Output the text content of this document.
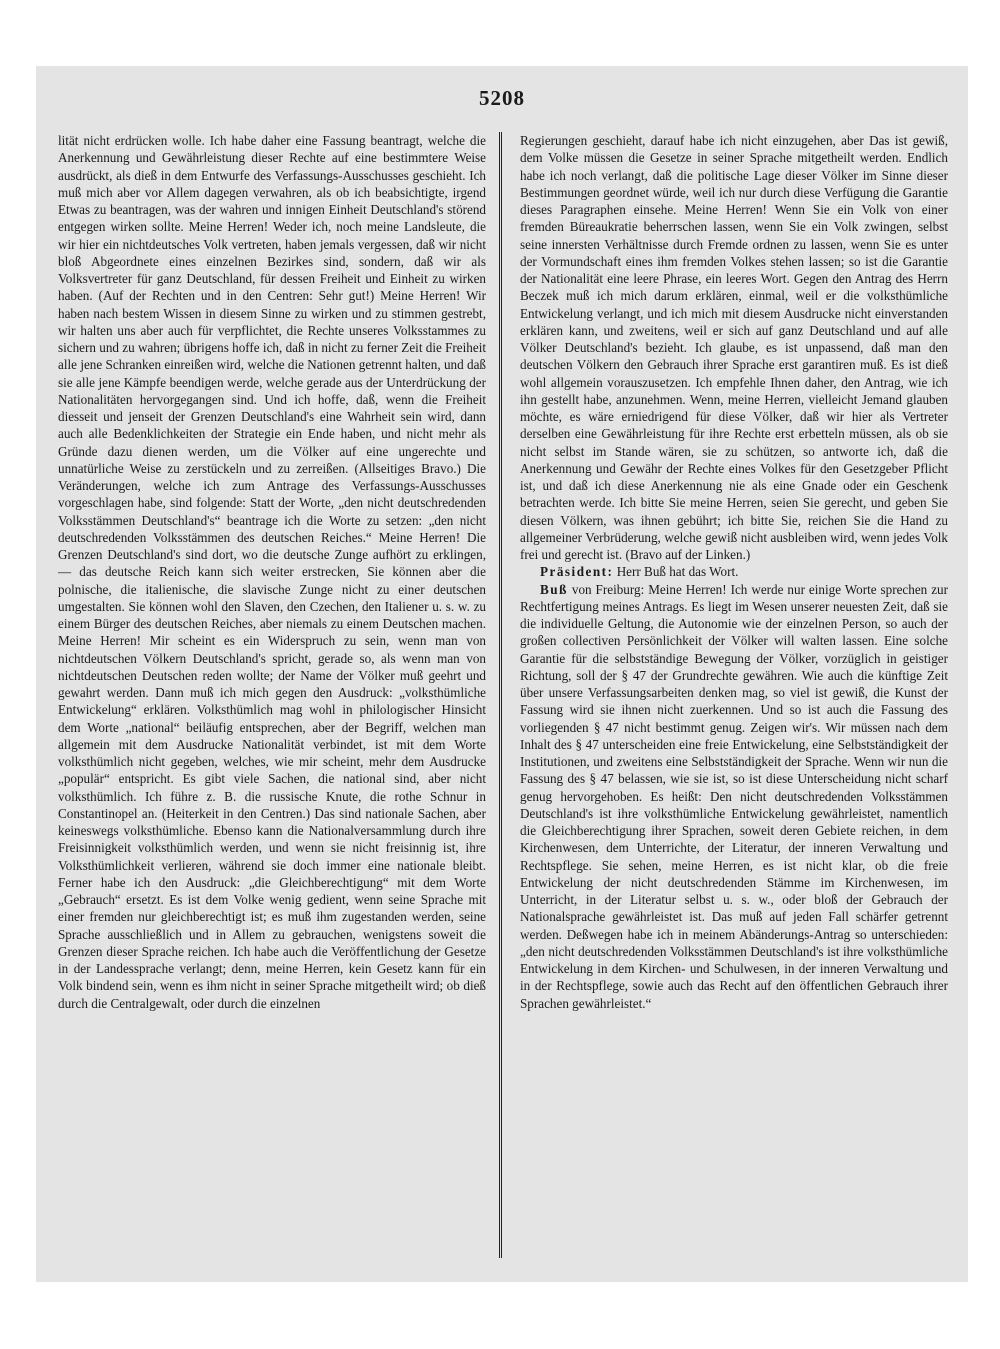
5208

lität nicht erdrücken wolle. Ich habe daher eine Fassung beantragt, welche die Anerkennung und Gewährleistung dieser Rechte auf eine bestimmtere Weise ausdrückt, als dieß in dem Entwurfe des Verfassungs-Ausschusses geschieht. Ich muß mich aber vor Allem dagegen verwahren, als ob ich beabsichtigte, irgend Etwas zu beantragen, was der wahren und innigen Einheit Deutschland's störend entgegen wirken sollte. Meine Herren! Weder ich, noch meine Landsleute, die wir hier ein nichtdeutsches Volk vertreten, haben jemals vergessen, daß wir nicht bloß Abgeordnete eines einzelnen Bezirkes sind, sondern, daß wir als Volksvertreter für ganz Deutschland, für dessen Freiheit und Einheit zu wirken haben. (Auf der Rechten und in den Centren: Sehr gut!) Meine Herren! Wir haben nach bestem Wissen in diesem Sinne zu wirken und zu stimmen gestrebt, wir halten uns aber auch für verpflichtet, die Rechte unseres Volksstammes zu sichern und zu wahren; übrigens hoffe ich, daß in nicht zu ferner Zeit die Freiheit alle jene Schranken einreißen wird, welche die Nationen getrennt halten, und daß sie alle jene Kämpfe beendigen werde, welche gerade aus der Unterdrückung der Nationalitäten hervorgegangen sind. Und ich hoffe, daß, wenn die Freiheit diesseit und jenseit der Grenzen Deutschland's eine Wahrheit sein wird, dann auch alle Bedenklichkeiten der Strategie ein Ende haben, und nicht mehr als Gründe dazu dienen werden, um die Völker auf eine ungerechte und unnatürliche Weise zu zerstückeln und zu zerreißen. (Allseitiges Bravo.) Die Veränderungen, welche ich zum Antrage des Verfassungs-Ausschusses vorgeschlagen habe, sind folgende: Statt der Worte, „den nicht deutschredenden Volksstämmen Deutschland's“ beantrage ich die Worte zu setzen: „den nicht deutschredenden Volksstämmen des deutschen Reiches.“ Meine Herren! Die Grenzen Deutschland's sind dort, wo die deutsche Zunge aufhört zu erklingen, — das deutsche Reich kann sich weiter erstrecken, Sie können aber die polnische, die italienische, die slavische Zunge nicht zu einer deutschen umgestalten. Sie können wohl den Slaven, den Czechen, den Italiener u. s. w. zu einem Bürger des deutschen Reiches, aber niemals zu einem Deutschen machen. Meine Herren! Mir scheint es ein Widerspruch zu sein, wenn man von nichtdeutschen Völkern Deutschland's spricht, gerade so, als wenn man von nichtdeutschen Deutschen reden wollte; der Name der Völker muß geehrt und gewahrt werden. Dann muß ich mich gegen den Ausdruck: „volksthümliche Entwickelung“ erklären. Volksthümlich mag wohl in philologischer Hinsicht dem Worte „national“ beiläufig entsprechen, aber der Begriff, welchen man allgemein mit dem Ausdrucke Nationalität verbindet, ist mit dem Worte volksthümlich nicht gegeben, welches, wie mir scheint, mehr dem Ausdrucke „populär“ entspricht. Es gibt viele Sachen, die national sind, aber nicht volksthümlich. Ich führe z. B. die russische Knute, die rothe Schnur in Constantinopel an. (Heiterkeit in den Centren.) Das sind nationale Sachen, aber keineswegs volksthümliche. Ebenso kann die Nationalversammlung durch ihre Freisinnigkeit volksthümlich werden, und wenn sie nicht freisinnig ist, ihre Volksthümlichkeit verlieren, während sie doch immer eine nationale bleibt. Ferner habe ich den Ausdruck: „die Gleichberechtigung“ mit dem Worte „Gebrauch“ ersetzt. Es ist dem Volke wenig gedient, wenn seine Sprache mit einer fremden nur gleichberechtigt ist; es muß ihm zugestanden werden, seine Sprache ausschließlich und in Allem zu gebrauchen, wenigstens soweit die Grenzen dieser Sprache reichen. Ich habe auch die Veröffentlichung der Gesetze in der Landessprache verlangt; denn, meine Herren, kein Gesetz kann für ein Volk bindend sein, wenn es ihm nicht in seiner Sprache mitgetheilt wird; ob dieß durch die Centralgewalt, oder durch die einzelnen

Regierungen geschieht, darauf habe ich nicht einzugehen, aber Das ist gewiß, dem Volke müssen die Gesetze in seiner Sprache mitgetheilt werden. Endlich habe ich noch verlangt, daß die politische Lage dieser Völker im Sinne dieser Bestimmungen geordnet würde, weil ich nur durch diese Verfügung die Garantie dieses Paragraphen einsehe. Meine Herren! Wenn Sie ein Volk von einer fremden Büreaukratie beherrschen lassen, wenn Sie ein Volk zwingen, selbst seine innersten Verhältnisse durch Fremde ordnen zu lassen, wenn Sie es unter der Vormundschaft eines ihm fremden Volkes stehen lassen; so ist die Garantie der Nationalität eine leere Phrase, ein leeres Wort. Gegen den Antrag des Herrn Beczek muß ich mich darum erklären, einmal, weil er die volksthümliche Entwickelung verlangt, und ich mich mit diesem Ausdrucke nicht einverstanden erklären kann, und zweitens, weil er sich auf ganz Deutschland und auf alle Völker Deutschland's bezieht. Ich glaube, es ist unpassend, daß man den deutschen Völkern den Gebrauch ihrer Sprache erst garantiren muß. Es ist dieß wohl allgemein vorauszusetzen. Ich empfehle Ihnen daher, den Antrag, wie ich ihn gestellt habe, anzunehmen. Wenn, meine Herren, vielleicht Jemand glauben möchte, es wäre erniedrigend für diese Völker, daß wir hier als Vertreter derselben eine Gewährleistung für ihre Rechte erst erbetteln müssen, als ob sie nicht selbst im Stande wären, sie zu schützen, so antworte ich, daß die Anerkennung und Gewähr der Rechte eines Volkes für den Gesetzgeber Pflicht ist, und daß ich diese Anerkennung nie als eine Gnade oder ein Geschenk betrachten werde. Ich bitte Sie meine Herren, seien Sie gerecht, und geben Sie diesen Völkern, was ihnen gebührt; ich bitte Sie, reichen Sie die Hand zu allgemeiner Verbrüderung, welche gewiß nicht ausbleiben wird, wenn jedes Volk frei und gerecht ist. (Bravo auf der Linken.)

Präsident: Herr Buß hat das Wort.

Buß von Freiburg: Meine Herren! Ich werde nur einige Worte sprechen zur Rechtfertigung meines Antrags. Es liegt im Wesen unserer neuesten Zeit, daß sie die individuelle Geltung, die Autonomie wie der einzelnen Person, so auch der großen collectiven Persönlichkeit der Völker will walten lassen. Eine solche Garantie für die selbstständige Bewegung der Völker, vorzüglich in geistiger Richtung, soll der § 47 der Grundrechte gewähren. Wie auch die künftige Zeit über unsere Verfassungsarbeiten denken mag, so viel ist gewiß, die Kunst der Fassung wird sie ihnen nicht zuerkennen. Und so ist auch die Fassung des vorliegenden § 47 nicht bestimmt genug. Zeigen wir's. Wir müssen nach dem Inhalt des § 47 unterscheiden eine freie Entwickelung, eine Selbstständigkeit der Institutionen, und zweitens eine Selbstständigkeit der Sprache. Wenn wir nun die Fassung des § 47 belassen, wie sie ist, so ist diese Unterscheidung nicht scharf genug hervorgehoben. Es heißt: Den nicht deutschredenden Volksstämmen Deutschland's ist ihre volksthümliche Entwickelung gewährleistet, namentlich die Gleichberechtigung ihrer Sprachen, soweit deren Gebiete reichen, in dem Kirchenwesen, dem Unterrichte, der Literatur, der inneren Verwaltung und Rechtspflege. Sie sehen, meine Herren, es ist nicht klar, ob die freie Entwickelung der nicht deutschredenden Stämme im Kirchenwesen, im Unterricht, in der Literatur selbst u. s. w., oder bloß der Gebrauch der Nationalsprache gewährleistet ist. Das muß auf jeden Fall schärfer getrennt werden. Deßwegen habe ich in meinem Abänderungs-Antrag so unterschieden: „den nicht deutschredenden Volksstämmen Deutschland's ist ihre volksthümliche Entwickelung in dem Kirchen- und Schulwesen, in der inneren Verwaltung und in der Rechtspflege, sowie auch das Recht auf den öffentlichen Gebrauch ihrer Sprachen gewährleistet.“
